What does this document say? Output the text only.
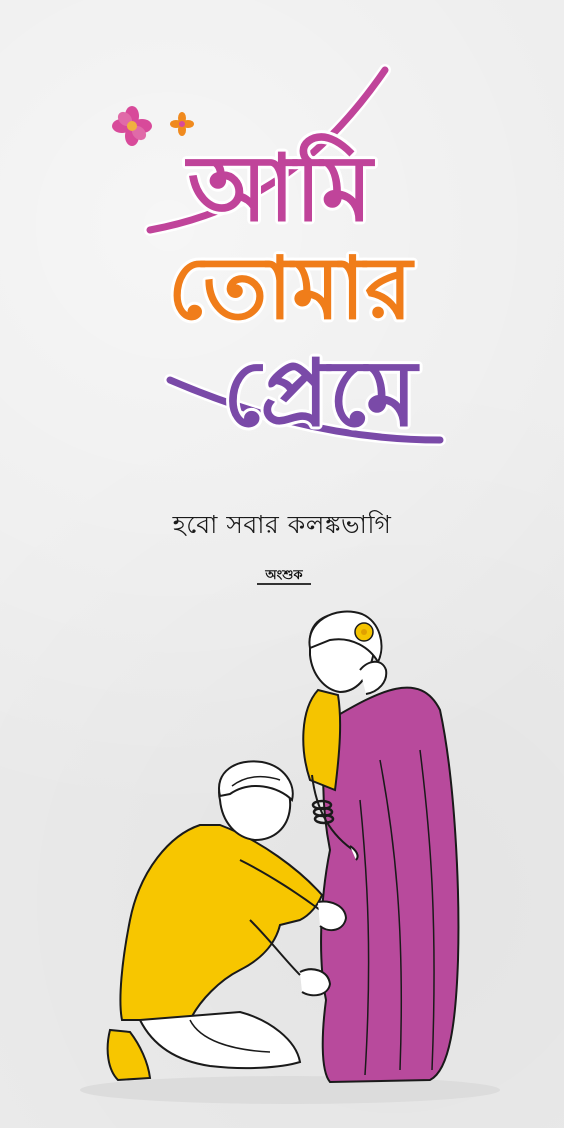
আমি
তোমার
প্রেমে
হবো সবার কলঙ্কভাগি
অংশুক
